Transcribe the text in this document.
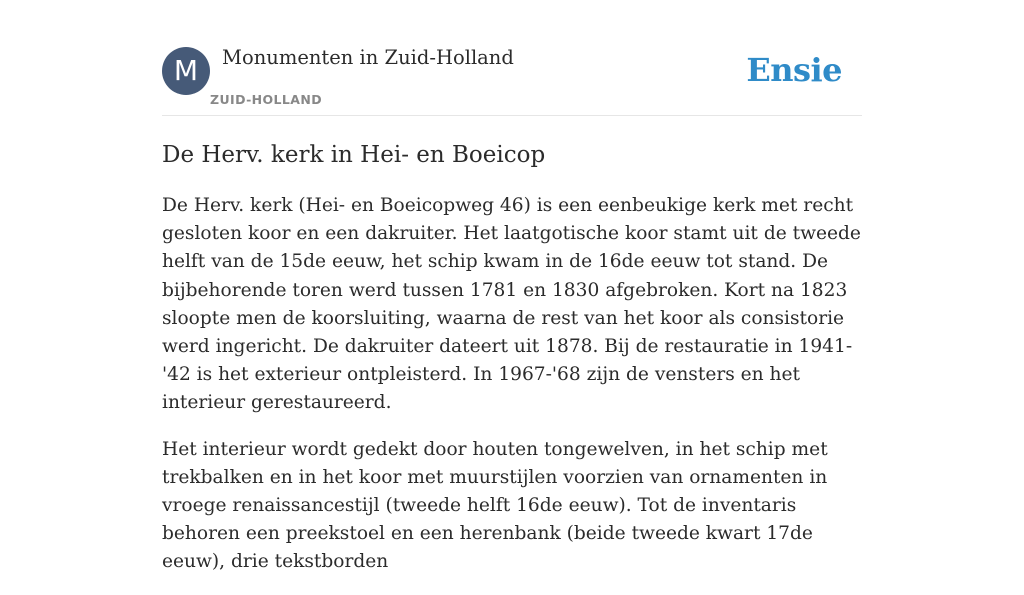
M	Monumenten in Zuid-Holland
ZUID-HOLLAND
Ensie
De Herv. kerk in Hei- en Boeicop

De Herv. kerk (Hei- en Boeicopweg 46) is een eenbeukige kerk met recht gesloten koor en een dakruiter. Het laatgotische koor stamt uit de tweede helft van de 15de eeuw, het schip kwam in de 16de eeuw tot stand. De bijbehorende toren werd tussen 1781 en 1830 afgebroken. Kort na 1823 sloopte men de koorsluiting, waarna de rest van het koor als consistorie werd ingericht. De dakruiter dateert uit 1878. Bij de restauratie in 1941-'42 is het exterieur ontpleisterd. In 1967-'68 zijn de vensters en het interieur gerestaureerd.

Het interieur wordt gedekt door houten tongewelven, in het schip met trekbalken en in het koor met muurstijlen voorzien van ornamenten in vroege renaissancestijl (tweede helft 16de eeuw). Tot de inventaris behoren een preekstoel en een herenbank (beide tweede kwart 17de eeuw), drie tekstborden
